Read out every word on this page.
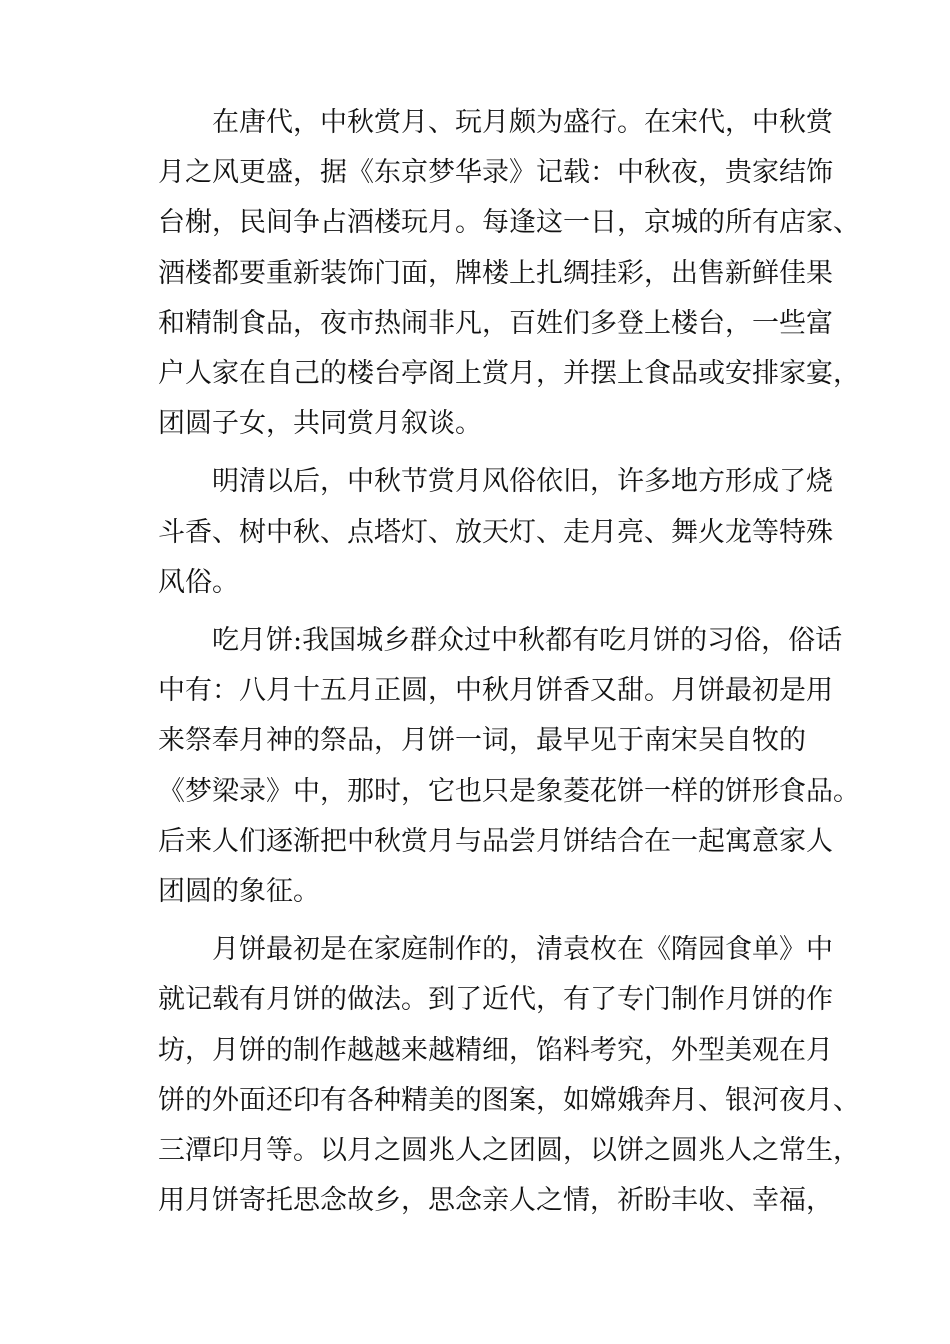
在唐代，中秋赏月、玩月颇为盛行。在宋代，中秋赏
月之风更盛，据《东京梦华录》记载：中秋夜，贵家结饰
台榭，民间争占酒楼玩月。每逢这一日，京城的所有店家、
酒楼都要重新装饰门面，牌楼上扎绸挂彩，出售新鲜佳果
和精制食品，夜市热闹非凡，百姓们多登上楼台，一些富
户人家在自己的楼台亭阁上赏月，并摆上食品或安排家宴，
团圆子女，共同赏月叙谈。

明清以后，中秋节赏月风俗依旧，许多地方形成了烧
斗香、树中秋、点塔灯、放天灯、走月亮、舞火龙等特殊
风俗。

吃月饼:我国城乡群众过中秋都有吃月饼的习俗，俗话
中有：八月十五月正圆，中秋月饼香又甜。月饼最初是用
来祭奉月神的祭品，月饼一词，最早见于南宋吴自牧的
《梦梁录》中，那时，它也只是象菱花饼一样的饼形食品。
后来人们逐渐把中秋赏月与品尝月饼结合在一起寓意家人
团圆的象征。

月饼最初是在家庭制作的，清袁枚在《隋园食单》中
就记载有月饼的做法。到了近代，有了专门制作月饼的作
坊，月饼的制作越越来越精细，馅料考究，外型美观在月
饼的外面还印有各种精美的图案，如嫦娥奔月、银河夜月、
三潭印月等。以月之圆兆人之团圆，以饼之圆兆人之常生，
用月饼寄托思念故乡，思念亲人之情，祈盼丰收、幸福，
